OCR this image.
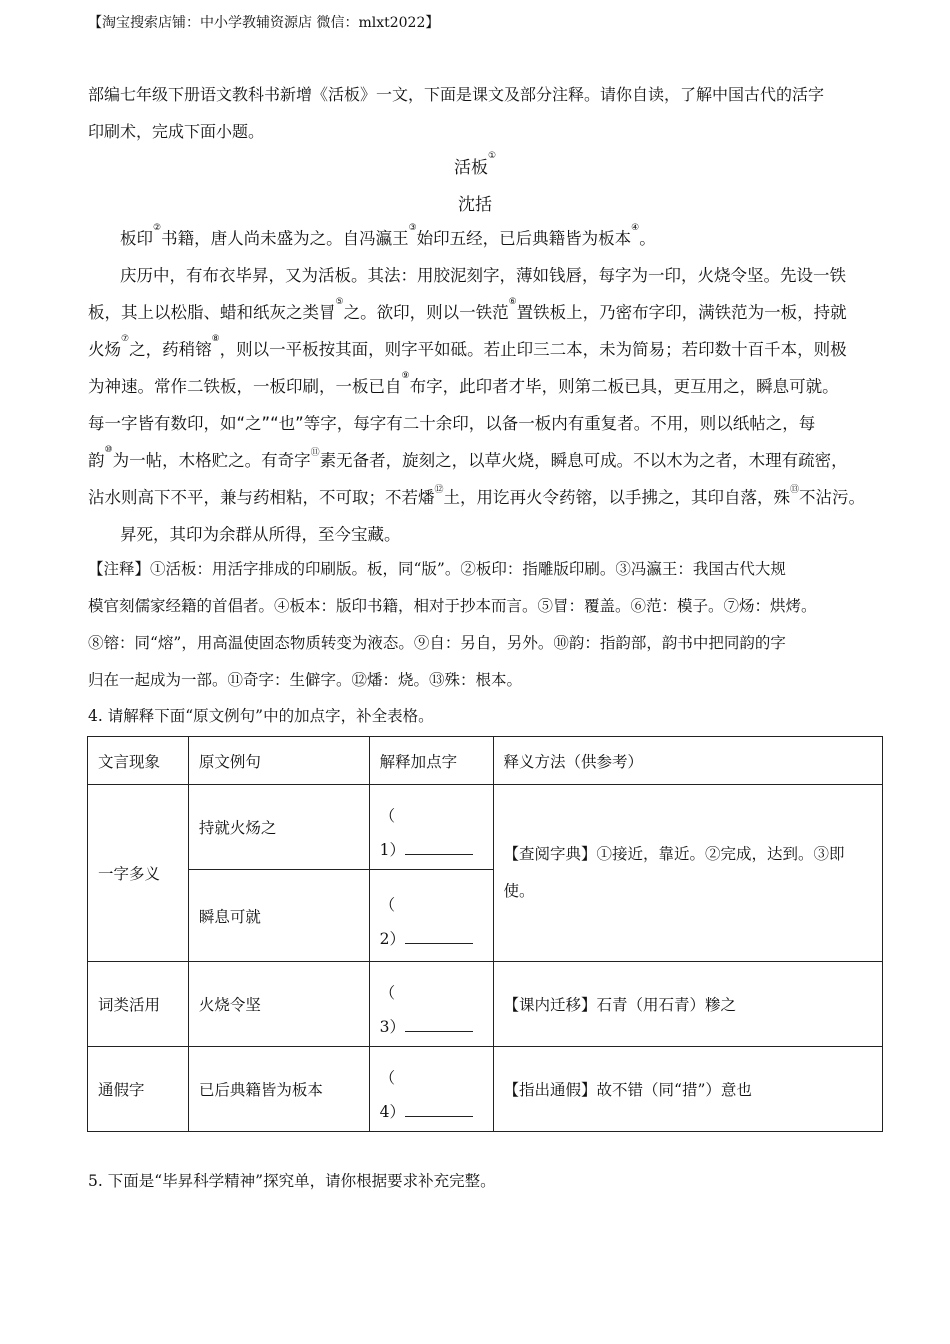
【淘宝搜索店铺：中小学教辅资源店 微信：mlxt2022】
部编七年级下册语文教科书新增《活板》一文，下面是课文及部分注释。请你自读，了解中国古代的活字
印刷术，完成下面小题。
活板①
沈括
板印②书籍，唐人尚未盛为之。自冯瀛王③始印五经，已后典籍皆为板本④。
庆历中，有布衣毕昇，又为活板。其法：用胶泥刻字，薄如钱唇，每字为一印，火烧令坚。先设一铁
板，其上以松脂、蜡和纸灰之类冒⑤之。欲印，则以一铁范⑥置铁板上，乃密布字印，满铁范为一板，持就
火炀⑦之，药稍镕⑧，则以一平板按其面，则字平如砥。若止印三二本，未为简易；若印数十百千本，则极
为神速。常作二铁板，一板印刷，一板已自⑨布字，此印者才毕，则第二板已具，更互用之，瞬息可就。
每一字皆有数印，如“之”“也”等字，每字有二十余印，以备一板内有重复者。不用，则以纸帖之，每
韵⑩为一帖，木格贮之。有奇字⑪素无备者，旋刻之，以草火烧，瞬息可成。不以木为之者，木理有疏密，
沾水则高下不平，兼与药相粘，不可取；不若燔⑫土，用讫再火令药镕，以手拂之，其印自落，殊⑬不沾污。
昇死，其印为余群从所得，至今宝藏。
【注释】①活板：用活字排成的印刷版。板，同“版”。②板印：指雕版印刷。③冯瀛王：我国古代大规
模官刻儒家经籍的首倡者。④板本：版印书籍，相对于抄本而言。⑤冒：覆盖。⑥范：模子。⑦炀：烘烤。
⑧镕：同“熔”，用高温使固态物质转变为液态。⑨自：另自，另外。⑩韵：指韵部，韵书中把同韵的字
归在一起成为一部。⑪奇字：生僻字。⑫燔：烧。⑬殊：根本。
4. 请解释下面“原文例句”中的加点字，补全表格。
文言现象	原文例句	解释加点字	释义方法（供参考）
一字多义	持就火炀之	（
1）	【查阅字典】①接近，靠近。②完成，达到。③即使。
	瞬息可就	（
2）	

词类活用	火烧令坚	（
3）	【课内迁移】石青（用石青）糁之
通假字	已后典籍皆为板本	（
4）	【指出通假】故不错（同“措”）意也
5. 下面是“毕昇科学精神”探究单，请你根据要求补充完整。
